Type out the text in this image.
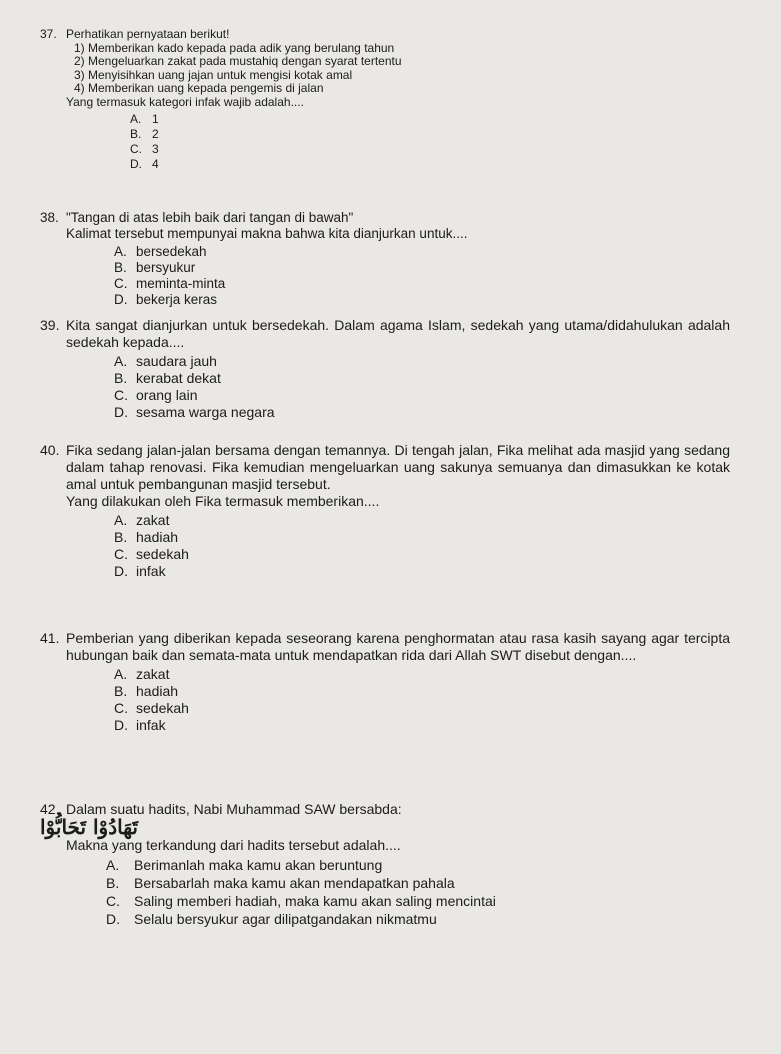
37. Perhatikan pernyataan berikut!

1) Memberikan kado kepada pada adik yang berulang tahun
2) Mengeluarkan zakat pada mustahiq dengan syarat tertentu
3) Menyisihkan uang jajan untuk mengisi kotak amal
4) Memberikan uang kepada pengemis di jalan

Yang termasuk kategori infak wajib adalah....

A. 1
B. 2
C. 3
D. 4
38. "Tangan di atas lebih baik dari tangan di bawah"

Kalimat tersebut mempunyai makna bahwa kita dianjurkan untuk....

A. bersedekah
B. bersyukur
C. meminta-minta
D. bekerja keras
39. Kita sangat dianjurkan untuk bersedekah. Dalam agama Islam, sedekah yang utama/didahulukan adalah sedekah kepada....

A. saudara jauh
B. kerabat dekat
C. orang lain
D. sesama warga negara
40. Fika sedang jalan-jalan bersama dengan temannya. Di tengah jalan, Fika melihat ada masjid yang sedang dalam tahap renovasi. Fika kemudian mengeluarkan uang sakunya semuanya dan dimasukkan ke kotak amal untuk pembangunan masjid tersebut.

Yang dilakukan oleh Fika termasuk memberikan....

A. zakat
B. hadiah
C. sedekah
D. infak
41. Pemberian yang diberikan kepada seseorang karena penghormatan atau rasa kasih sayang agar tercipta hubungan baik dan semata-mata untuk mendapatkan rida dari Allah SWT disebut dengan....

A. zakat
B. hadiah
C. sedekah
D. infak
42. Dalam suatu hadits, Nabi Muhammad SAW bersabda:

تَهَادُوْا تَحَابُّوْا

Makna yang terkandung dari hadits tersebut adalah....

A.	Berimanlah maka kamu akan beruntung
B.	Bersabarlah maka kamu akan mendapatkan pahala
C.	Saling memberi hadiah, maka kamu akan saling mencintai
D.	Selalu bersyukur agar dilipatgandakan nikmatmu
